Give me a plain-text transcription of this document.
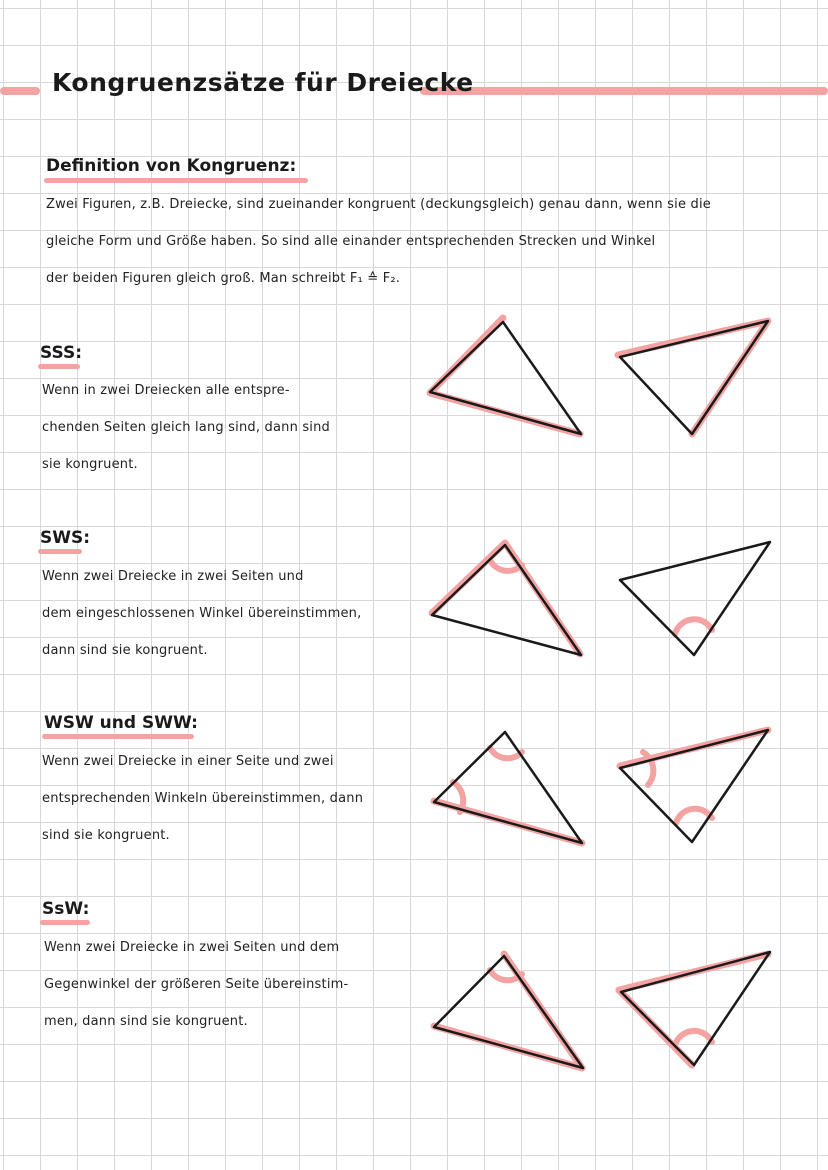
Kongruenzsätze für Dreiecke
Definition von Kongruenz:
Zwei Figuren, z.B. Dreiecke, sind zueinander kongruent (deckungsgleich) genau dann, wenn sie die
gleiche Form und Größe haben. So sind alle einander entsprechenden Strecken und Winkel
der beiden Figuren gleich groß. Man schreibt F₁ ≙ F₂.
SSS:
Wenn in zwei Dreiecken alle entspre-
chenden Seiten gleich lang sind, dann sind
sie kongruent.
SWS:
Wenn zwei Dreiecke in zwei Seiten und
dem eingeschlossenen Winkel übereinstimmen,
dann sind sie kongruent.
WSW und SWW:
Wenn zwei Dreiecke in einer Seite und zwei
entsprechenden Winkeln übereinstimmen, dann
sind sie kongruent.
SsW:
Wenn zwei Dreiecke in zwei Seiten und dem
Gegenwinkel der größeren Seite übereinstim-
men, dann sind sie kongruent.
